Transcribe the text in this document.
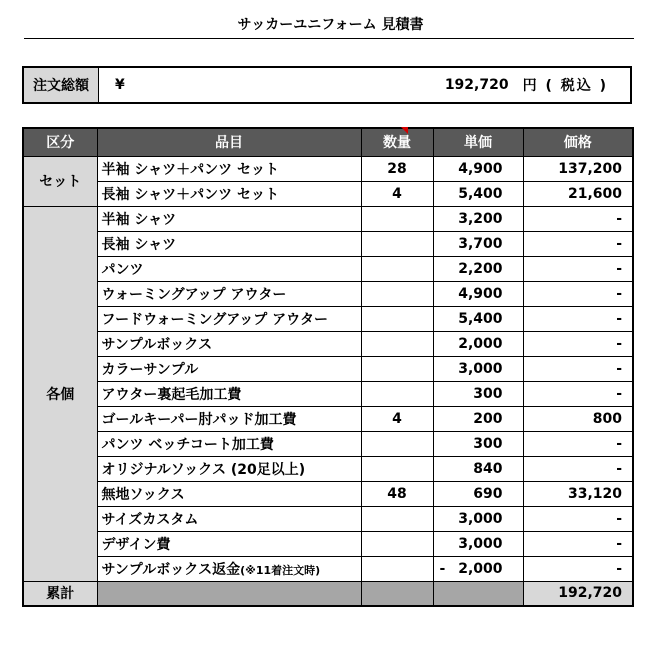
サッカーユニフォーム 見積書
注文総額	¥	192,720 円 ( 税込 )
区分	品目	数量	単価	価格
セット	半袖 シャツ＋パンツ セット	28	4,900	137,200
	長袖 シャツ＋パンツ セット	4	5,400	21,600
各個	半袖 シャツ		3,200	-
	長袖 シャツ		3,700	-
	パンツ		2,200	-
	ウォーミングアップ アウター		4,900	-
	フードウォーミングアップ アウター		5,400	-
	サンプルボックス		2,000	-
	カラーサンプル		3,000	-
	アウター裏起毛加工費		300	-
	ゴールキーパー肘パッド加工費	4	200	800
	パンツ ベッチコート加工費		300	-
	オリジナルソックス (20足以上)		840	-
	無地ソックス	48	690	33,120
	サイズカスタム		3,000	-
	デザイン費		3,000	-
	サンプルボックス返金(※11着注文時)		- 2,000	-
累計				192,720
